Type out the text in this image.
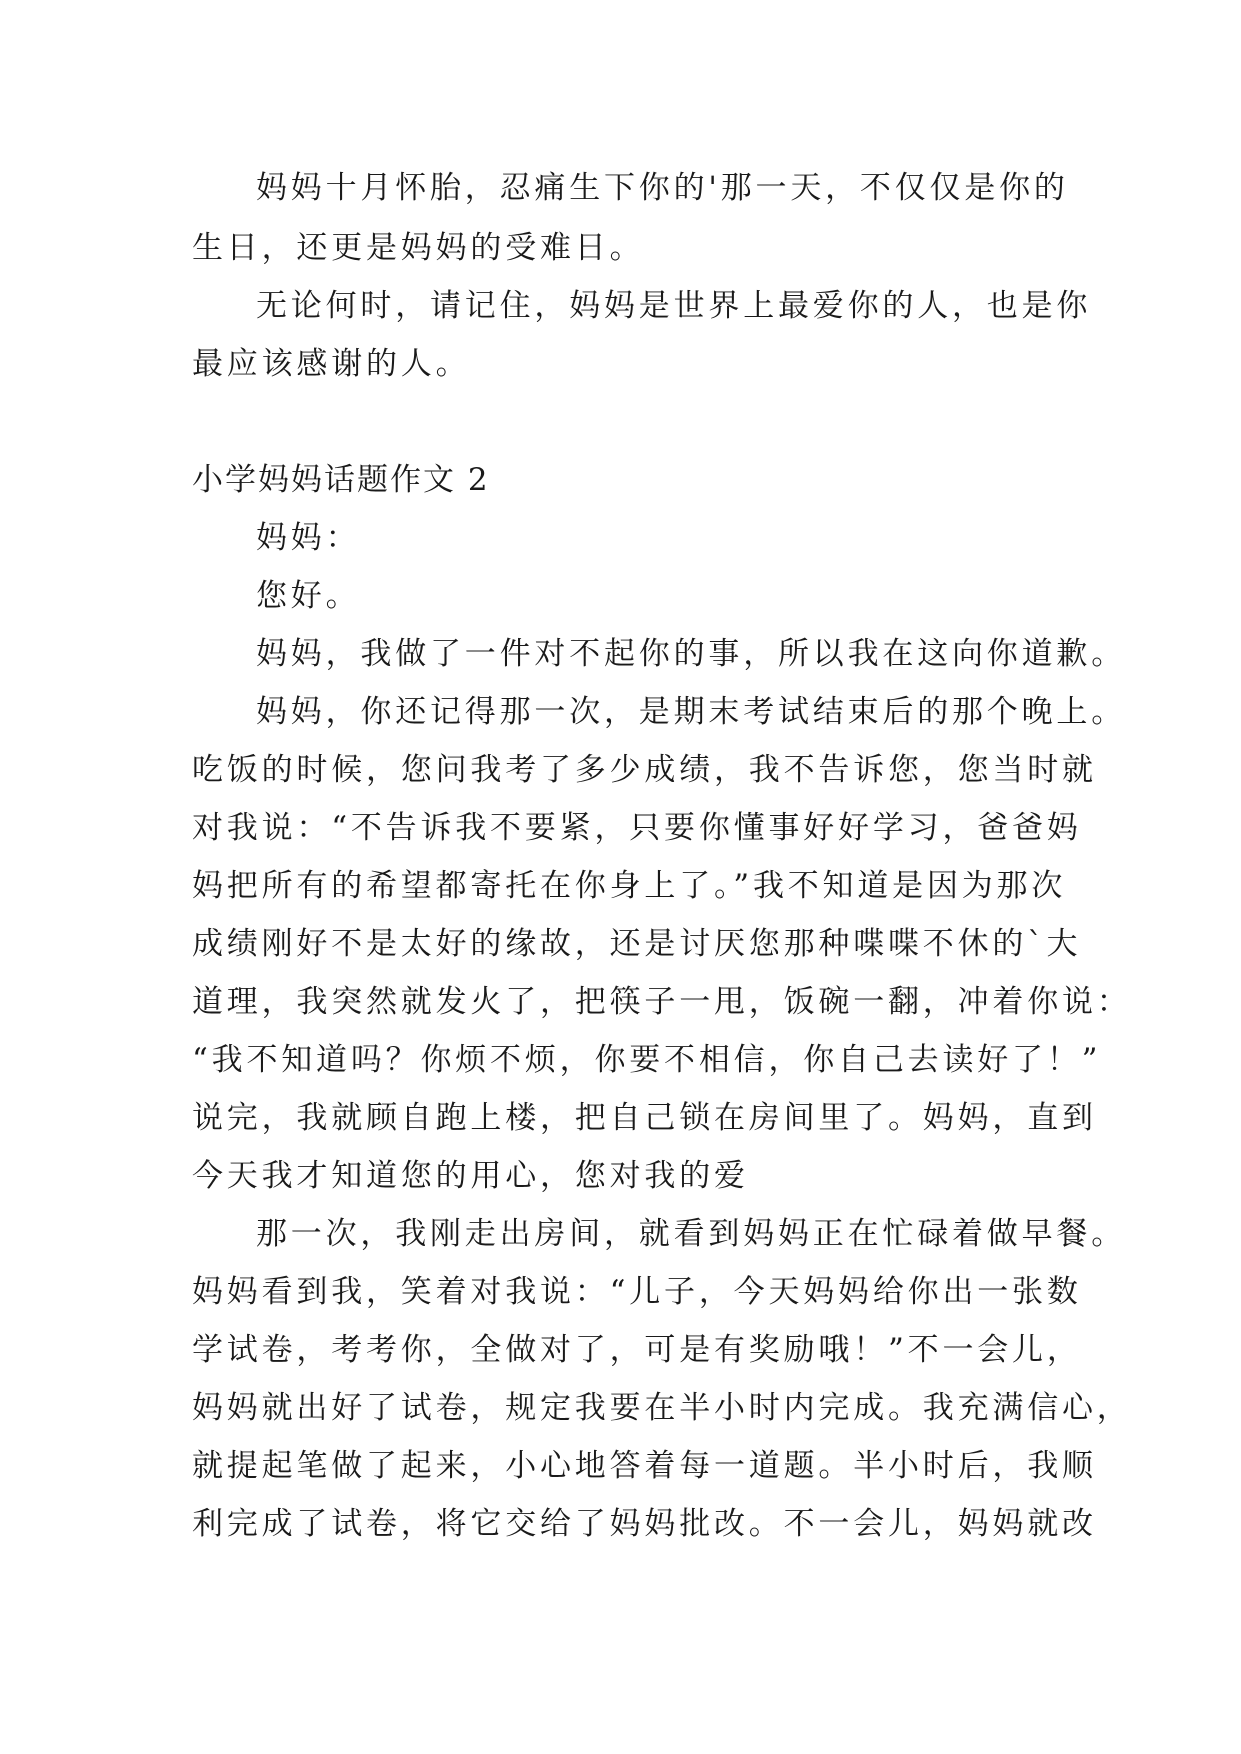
妈妈十月怀胎，忍痛生下你的'那一天，不仅仅是你的
生日，还更是妈妈的受难日。
无论何时，请记住，妈妈是世界上最爱你的人，也是你
最应该感谢的人。
小学妈妈话题作文 2
妈妈：
您好。
妈妈，我做了一件对不起你的事，所以我在这向你道歉。
妈妈，你还记得那一次，是期末考试结束后的那个晚上。
吃饭的时候，您问我考了多少成绩，我不告诉您，您当时就
对我说：“不告诉我不要紧，只要你懂事好好学习，爸爸妈
妈把所有的希望都寄托在你身上了。”我不知道是因为那次
成绩刚好不是太好的缘故，还是讨厌您那种喋喋不休的`大
道理，我突然就发火了，把筷子一甩，饭碗一翻，冲着你说：
“我不知道吗？你烦不烦，你要不相信，你自己去读好了！”
说完，我就顾自跑上楼，把自己锁在房间里了。妈妈，直到
今天我才知道您的用心，您对我的爱
那一次，我刚走出房间，就看到妈妈正在忙碌着做早餐。
妈妈看到我，笑着对我说：“儿子，今天妈妈给你出一张数
学试卷，考考你，全做对了，可是有奖励哦！”不一会儿，
妈妈就出好了试卷，规定我要在半小时内完成。我充满信心，
就提起笔做了起来，小心地答着每一道题。半小时后，我顺
利完成了试卷，将它交给了妈妈批改。不一会儿，妈妈就改
